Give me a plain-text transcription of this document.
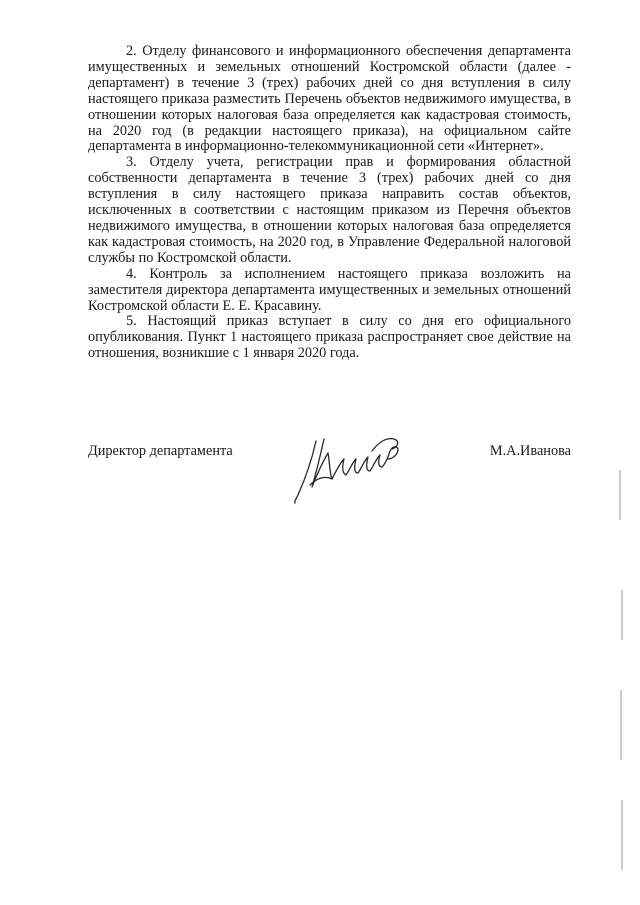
2. Отделу финансового и информационного обеспечения департамента имущественных и земельных отношений Костромской области (далее - департамент) в течение 3 (трех) рабочих дней со дня вступления в силу настоящего приказа разместить Перечень объектов недвижимого имущества, в отношении которых налоговая база определяется как кадастровая стоимость, на 2020 год (в редакции настоящего приказа), на официальном сайте департамента в информационно-телекоммуникационной сети «Интернет».

3. Отделу учета, регистрации прав и формирования областной собственности департамента в течение 3 (трех) рабочих дней со дня вступления в силу настоящего приказа направить состав объектов, исключенных в соответствии с настоящим приказом из Перечня объектов недвижимого имущества, в отношении которых налоговая база определяется как кадастровая стоимость, на 2020 год, в Управление Федеральной налоговой службы по Костромской области.

4. Контроль за исполнением настоящего приказа возложить на заместителя директора департамента имущественных и земельных отношений Костромской области Е. Е. Красавину.

5. Настоящий приказ вступает в силу со дня его официального опубликования. Пункт 1 настоящего приказа распространяет свое действие на отношения, возникшие с 1 января 2020 года.

Директор департамента	М.А.Иванова
